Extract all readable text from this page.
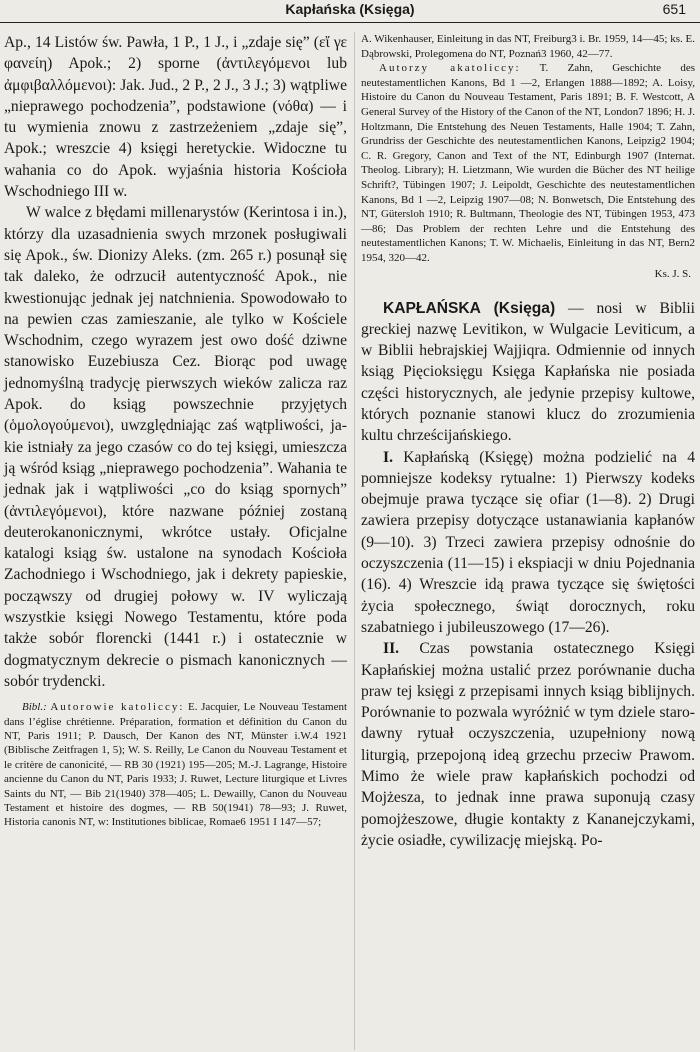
Kapłańska (Księga)	651

Ap., 14 Listów św. Pawła, 1 P., 1 J., i „zdaje się” (εἴ γε φανείη) Apok.; 2) sporne (ἀντιλεγόμενοι lub ἀμφιβαλλόμενοι): Jak. Jud., 2 P., 2 J., 3 J.; 3) wątpliwe „nieprawego pochodzenia”, podstawione (νόθα) — i tu wymienia znowu z zastrzeżeniem „zdaje się”, Apok.; wreszcie 4) księgi heretyckie. Widoczne tu wahania co do Apok. wyjaśnia historia Kościoła Wschodniego III w.

W walce z błędami millenarystów (Kerintosa i in.), którzy dla uzasadnienia swych mrzonek posługiwali się Apok., św. Dionizy Aleks. (zm. 265 r.) posunął się tak daleko, że odrzucił autentyczność Apok., nie kwestionując jednak jej natchnienia. Spowodowało to na pewien czas zamieszanie, ale tylko w Kościele Wschodnim, czego wyrazem jest owo dość dziwne stanowisko Euzebiusza Cez. Biorąc pod uwagę jednomyślną tradycję pierwszych wieków zalicza raz Apok. do ksiąg powszechnie przyjętych (ὁμολογούμενοι), uwzględniając zaś wątpliwości, jakie istniały za jego czasów co do tej księgi, umieszcza ją wśród ksiąg „nieprawego pochodzenia”. Wahania te jednak jak i wątpliwości „co do ksiąg spornych” (ἀντιλεγόμενοι), które nazwane później zostaną deuterokanonicznymi, wkrótce ustały. Oficjalne katalogi ksiąg św. ustalone na synodach Kościoła Zachodniego i Wschodniego, jak i dekrety papieskie, począwszy od drugiej połowy w. IV wyliczają wszystkie księgi Nowego Testamentu, które poda także sobór florencki (1441 r.) i ostatecznie w dogmatycznym dekrecie o pismach kanonicznych — sobór trydencki.

Bibl.: Autorowie katoliccy: E. Jacquier, Le Nouveau Testament dans l’église chrétienne. Préparation, formation et définition du Canon du NT, Paris 1911; P. Dausch, Der Kanon des NT, Münster i.W.4 1921 (Biblische Zeitfragen 1, 5); W. S. Reilly, Le Canon du Nouveau Testament et le critère de canonicité, — RB 30 (1921) 195—205; M.-J. Lagrange, Histoire ancienne du Canon du NT, Paris 1933; J. Ruwet, Lecture liturgique et Livres Saints du NT, — Bib 21(1940) 378—405; L. Dewailly, Canon du Nouveau Testament et histoire des dogmes, — RB 50(1941) 78—93; J. Ruwet, Historia canonis NT, w: Institutiones biblicae, Romae6 1951 I 147—57;

A. Wikenhauser, Einleitung in das NT, Freiburg3 i. Br. 1959, 14—45; ks. E. Dąbrowski, Prolegomena do NT, Poznań3 1960, 42—77.

Autorzy akatoliccy: T. Zahn, Geschichte des neutestamentlichen Kanons, Bd 1 —2, Erlangen 1888—1892; A. Loisy, Histoire du Canon du Nouveau Testament, Paris 1891; B. F. Westcott, A General Survey of the History of the Canon of the NT, London7 1896; H. J. Holtzmann, Die Entstehung des Neuen Testaments, Halle 1904; T. Zahn, Grundriss der Geschichte des neutestamentlichen Kanons, Leipzig2 1904; C. R. Gregory, Canon and Text of the NT, Edinburgh 1907 (Internat. Theolog. Library); H. Lietzmann, Wie wurden die Bücher des NT heilige Schrift?, Tübingen 1907; J. Leipoldt, Geschichte des neutestamentlichen Kanons, Bd 1 —2, Leipzig 1907—08; N. Bonwetsch, Die Entstehung des NT, Gütersloh 1910; R. Bultmann, Theologie des NT, Tübingen 1953, 473—86; Das Problem der rechten Lehre und die Entstehung des neutestamentlichen Kanons; T. W. Michaelis, Einleitung in das NT, Bern2 1954, 320—42.

Ks. J. S.

KAPŁAŃSKA (Księga) — nosi w Biblii greckiej nazwę Levitikon, w Wulgacie Leviticum, a w Biblii hebrajskiej Wajjiqra. Odmiennie od innych ksiąg Pięcioksięgu Księga Kapłańska nie posiada części historycznych, ale jedynie przepisy kultowe, których poznanie stanowi klucz do zrozumienia kultu chrześcijańskiego.

I. Kapłańską (Księgę) można podzielić na 4 pomniejsze kodeksy rytualne: 1) Pierwszy kodeks obejmuje prawa tyczące się ofiar (1—8). 2) Drugi zawiera przepisy dotyczące ustanawiania kapłanów (9—10). 3) Trzeci zawiera przepisy odnośnie do oczyszczenia (11—15) i ekspiacji w dniu Pojednania (16). 4) Wreszcie idą prawa tyczące się świętości życia społecznego, świąt dorocznych, roku szabatniego i jubileuszowego (17—26).

II. Czas powstania ostatecznego Księgi Kapłańskiej można ustalić przez porównanie ducha praw tej księgi z przepisami innych ksiąg biblijnych. Porównanie to pozwala wyróżnić w tym dziele starodawny rytuał oczyszczenia, uzupełniony nową liturgią, przepojoną ideą grzechu przeciw Prawom. Mimo że wiele praw kapłańskich pochodzi od Mojżesza, to jednak inne prawa suponują czasy pomojżeszowe, długie kontakty z Kananejczykami, życie osiadłe, cywilizację miejską. Po-
